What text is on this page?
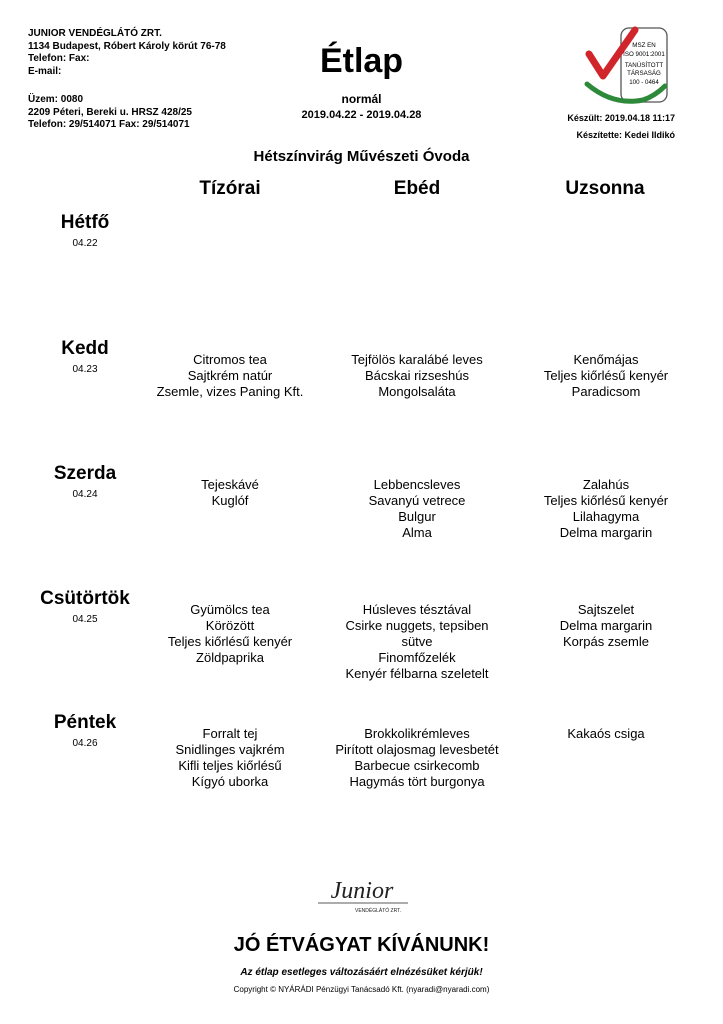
JUNIOR VENDÉGLÁTÓ ZRT.
1134 Budapest, Róbert Károly körút 76-78
Telefon: Fax:
E-mail:
Üzem: 0080
2209 Péteri, Bereki u. HRSZ 428/25
Telefon: 29/514071 Fax: 29/514071
Étlap
normál
2019.04.22 - 2019.04.28
MSZ EN
ISO 9001:2001
TANÚSÍTOTT
TÁRSASÁG
100 - 0464
Készült: 2019.04.18 11:17
Készítette: Kedei Ildikó
Hétszínvirág Művészeti Óvoda
Tízórai	Ebéd	Uzsonna
Hétfő
04.22
Kedd
04.23
Citromos tea
Sajtkrém natúr
Zsemle, vizes Paning Kft.
Tejfölös karalábé leves
Bácskai rizseshús
Mongolsaláta
Kenőmájas
Teljes kiőrlésű kenyér
Paradicsom
Szerda
04.24
Tejeskávé
Kuglóf
Lebbencsleves
Savanyú vetrece
Bulgur
Alma
Zalahús
Teljes kiőrlésű kenyér
Lilahagyma
Delma margarin
Csütörtök
04.25
Gyümölcs tea
Körözött
Teljes kiőrlésű kenyér
Zöldpaprika
Húsleves tésztával
Csirke nuggets, tepsiben
sütve
Finomfőzelék
Kenyér félbarna szeletelt
Sajtszelet
Delma margarin
Korpás zsemle
Péntek
04.26
Forralt tej
Snidlinges vajkrém
Kifli teljes kiőrlésű
Kígyó uborka
Brokkolikrémleves
Pirított olajosmag levesbetét
Barbecue csirkecomb
Hagymás tört burgonya
Kakaós csiga
Junior
VENDÉGLÁTÓ ZRT.
JÓ ÉTVÁGYAT KÍVÁNUNK!
Az étlap esetleges változásáért elnézésüket kérjük!
Copyright © NYÁRÁDI Pénzügyi Tanácsadó Kft. (nyaradi@nyaradi.com)
